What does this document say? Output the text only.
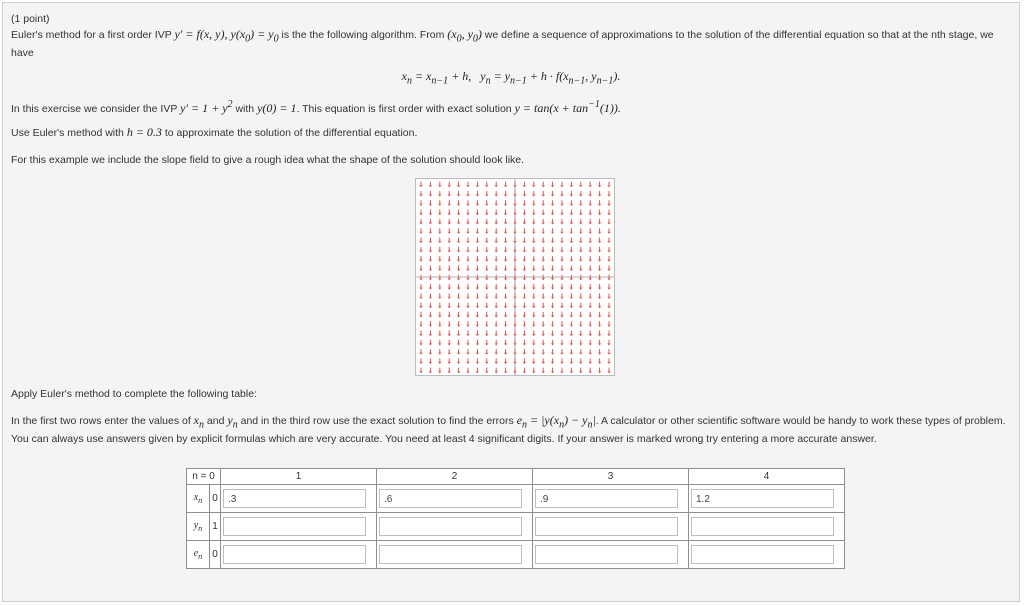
(1 point)
Euler's method for a first order IVP y′ = f(x, y), $y(x_0) = y_0$ is the the following algorithm. From ($x_0$, $y_0$) we define a sequence of approximations to the solution of the differential equation so that at the nth stage, we have
$x_n = x_{n-1} + h$,   $y_n = y_{n-1} + h \cdot f(x_{n-1}$, $y_{n-1}$).
In this exercise we consider the IVP $y' = 1 + y^2$ with y(0) = 1. This equation is first order with exact solution $y = \tan(x + \tan^{-1}(1))$.
Use Euler's method with h = 0.3 to approximate the solution of the differential equation.
For this example we include the slope field to give a rough idea what the shape of the solution should look like.
Apply Euler's method to complete the following table:
In the first two rows enter the values of $x_n$ and $y_n$ and in the third row use the exact solution to find the errors $e_n = |y(x_n) - y_n|$. A calculator or other scientific software would be handy to work these types of problem. You can always use answers given by explicit formulas which are very accurate. You need at least 4 significant digits. If your answer is marked wrong try entering a more accurate answer.
n = 0		1	2	3	4
$x_n$	0	.3	.6	.9	1.2

$y_n$	1	

$e_n$	0	
